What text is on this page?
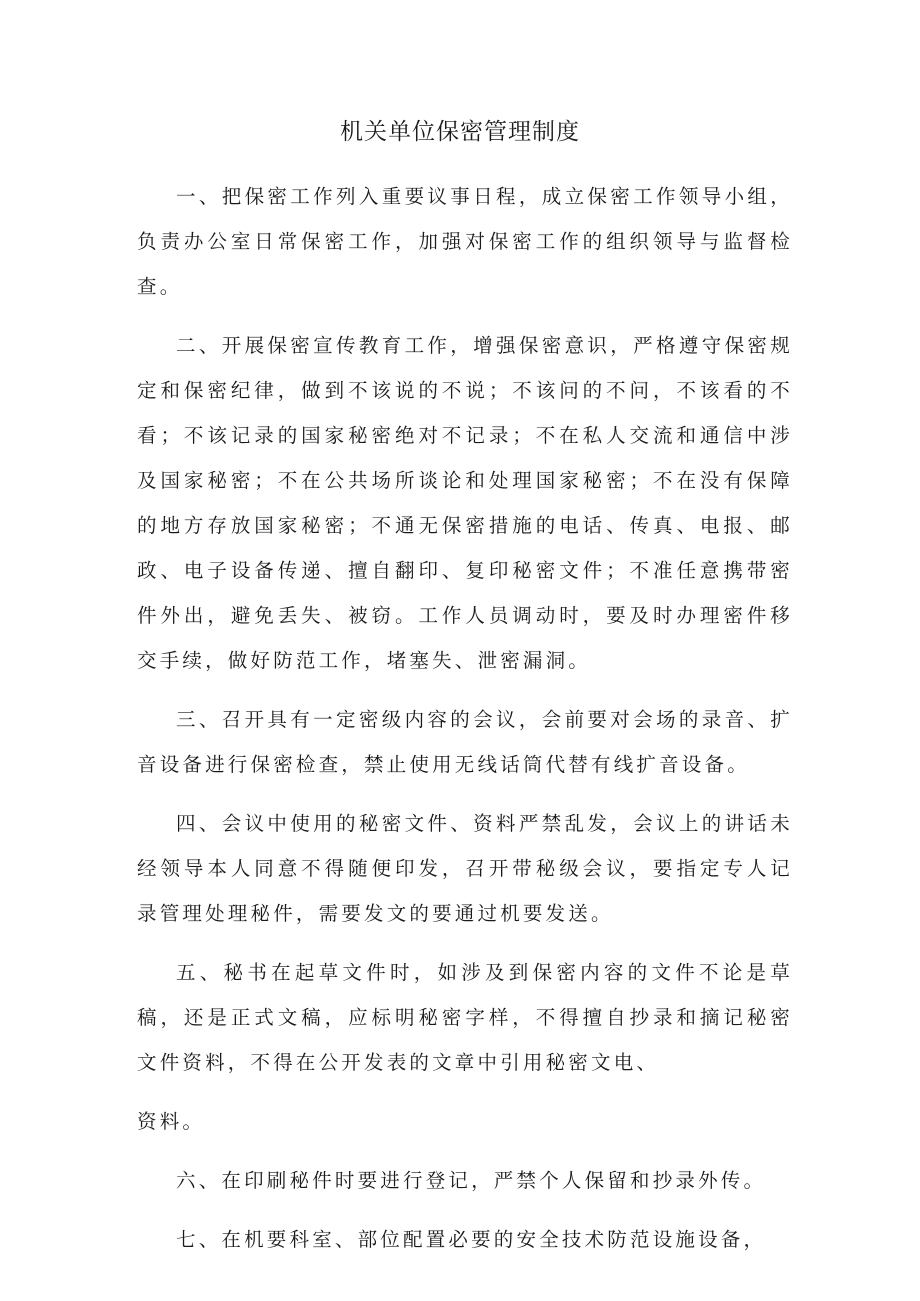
机关单位保密管理制度

一、把保密工作列入重要议事日程，成立保密工作领导小组，负责办公室日常保密工作，加强对保密工作的组织领导与监督检查。

二、开展保密宣传教育工作，增强保密意识，严格遵守保密规定和保密纪律，做到不该说的不说；不该问的不问，不该看的不看；不该记录的国家秘密绝对不记录；不在私人交流和通信中涉及国家秘密；不在公共场所谈论和处理国家秘密；不在没有保障的地方存放国家秘密；不通无保密措施的电话、传真、电报、邮政、电子设备传递、擅自翻印、复印秘密文件；不准任意携带密件外出，避免丢失、被窃。工作人员调动时，要及时办理密件移交手续，做好防范工作，堵塞失、泄密漏洞。

三、召开具有一定密级内容的会议，会前要对会场的录音、扩音设备进行保密检查，禁止使用无线话筒代替有线扩音设备。

四、会议中使用的秘密文件、资料严禁乱发，会议上的讲话未经领导本人同意不得随便印发，召开带秘级会议，要指定专人记录管理处理秘件，需要发文的要通过机要发送。

五、秘书在起草文件时，如涉及到保密内容的文件不论是草稿，还是正式文稿，应标明秘密字样，不得擅自抄录和摘记秘密文件资料，不得在公开发表的文章中引用秘密文电、

资料。

六、在印刷秘件时要进行登记，严禁个人保留和抄录外传。

七、在机要科室、部位配置必要的安全技术防范设施设备，
